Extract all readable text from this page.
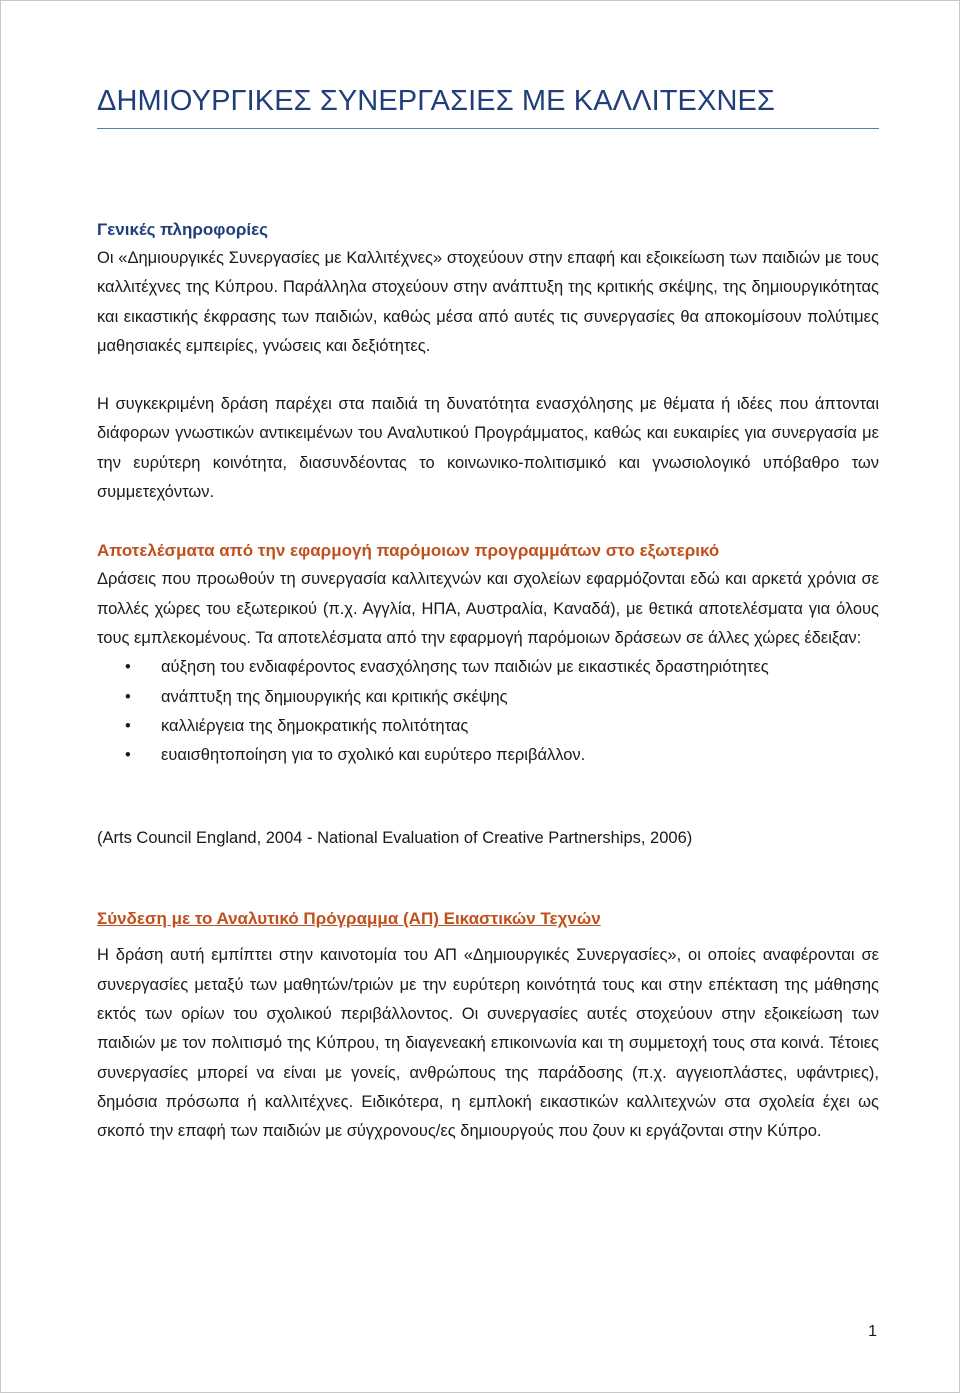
ΔΗΜΙΟΥΡΓΙΚΕΣ ΣΥΝΕΡΓΑΣΙΕΣ ΜΕ ΚΑΛΛΙΤΕΧΝΕΣ
Γενικές πληροφορίες

Οι «Δημιουργικές Συνεργασίες με Καλλιτέχνες» στοχεύουν στην επαφή και εξοικείωση των παιδιών με τους καλλιτέχνες της Κύπρου. Παράλληλα στοχεύουν στην ανάπτυξη της κριτικής σκέψης, της δημιουργικότητας και εικαστικής έκφρασης των παιδιών, καθώς μέσα από αυτές τις συνεργασίες θα αποκομίσουν πολύτιμες μαθησιακές εμπειρίες, γνώσεις και δεξιότητες.

Η συγκεκριμένη δράση παρέχει στα παιδιά τη δυνατότητα ενασχόλησης με θέματα ή ιδέες που άπτονται διάφορων γνωστικών αντικειμένων του Αναλυτικού Προγράμματος, καθώς και ευκαιρίες για συνεργασία με την ευρύτερη κοινότητα, διασυνδέοντας το κοινωνικο-πολιτισμικό και γνωσιολογικό υπόβαθρο των συμμετεχόντων.

Αποτελέσματα από την εφαρμογή παρόμοιων προγραμμάτων στο εξωτερικό

Δράσεις που προωθούν τη συνεργασία καλλιτεχνών και σχολείων εφαρμόζονται εδώ και αρκετά χρόνια σε πολλές χώρες του εξωτερικού (π.χ. Αγγλία, ΗΠΑ, Αυστραλία, Καναδά), με θετικά αποτελέσματα για όλους τους εμπλεκομένους. Τα αποτελέσματα από την εφαρμογή παρόμοιων δράσεων σε άλλες χώρες έδειξαν:

• αύξηση του ενδιαφέροντος ενασχόλησης των παιδιών με εικαστικές δραστηριότητες
• ανάπτυξη της δημιουργικής και κριτικής σκέψης
• καλλιέργεια της δημοκρατικής πολιτότητας
• ευαισθητοποίηση για το σχολικό και ευρύτερο περιβάλλον.

(Arts Council England, 2004 - National Evaluation of Creative Partnerships, 2006)

Σύνδεση με το Αναλυτικό Πρόγραμμα (ΑΠ) Εικαστικών Τεχνών

Η δράση αυτή εμπίπτει στην καινοτομία του ΑΠ «Δημιουργικές Συνεργασίες», οι οποίες αναφέρονται σε συνεργασίες μεταξύ των μαθητών/τριών με την ευρύτερη κοινότητά τους και στην επέκταση της μάθησης εκτός των ορίων του σχολικού περιβάλλοντος. Οι συνεργασίες αυτές στοχεύουν στην εξοικείωση των παιδιών με τον πολιτισμό της Κύπρου, τη διαγενεακή επικοινωνία και τη συμμετοχή τους στα κοινά. Τέτοιες συνεργασίες μπορεί να είναι με γονείς, ανθρώπους της παράδοσης (π.χ. αγγειοπλάστες, υφάντριες), δημόσια πρόσωπα ή καλλιτέχνες. Ειδικότερα, η εμπλοκή εικαστικών καλλιτεχνών στα σχολεία έχει ως σκοπό την επαφή των παιδιών με σύγχρονους/ες δημιουργούς που ζουν κι εργάζονται στην Κύπρο.

1
